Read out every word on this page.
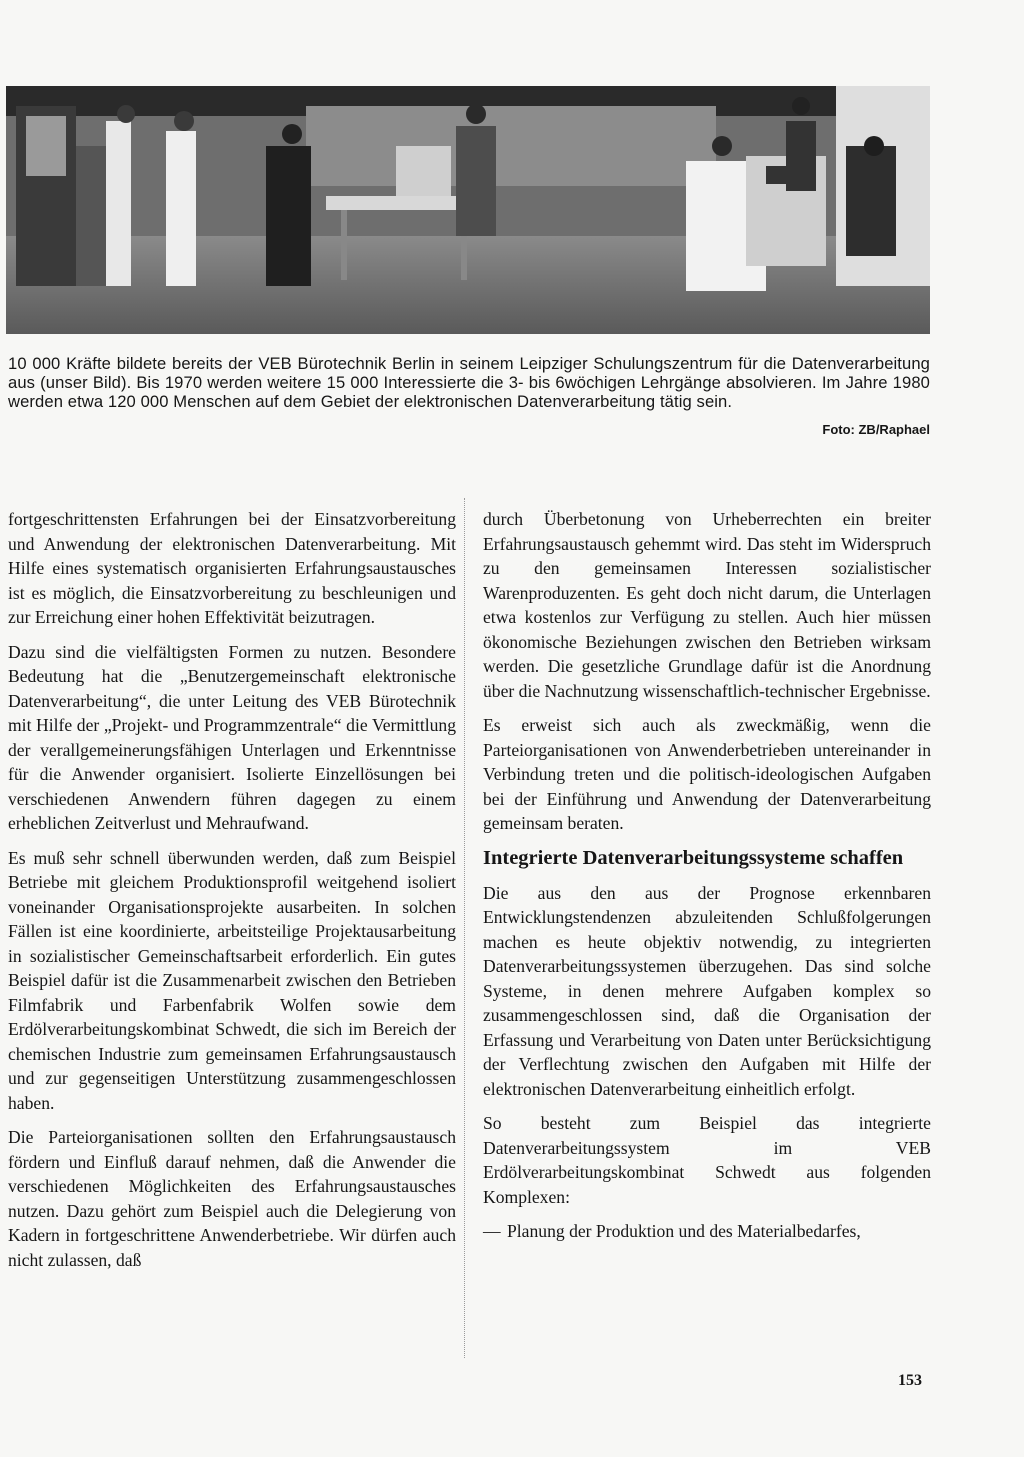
10 000 Kräfte bildete bereits der VEB Bürotechnik Berlin in seinem Leipziger Schulungszentrum für die Datenverarbeitung aus (unser Bild). Bis 1970 werden weitere 15 000 Interessierte die 3- bis 6wöchigen Lehrgänge absolvieren. Im Jahre 1980 werden etwa 120 000 Menschen auf dem Gebiet der elektronischen Datenverarbeitung tätig sein.

Foto: ZB/Raphael

fortgeschrittensten Erfahrungen bei der Einsatzvorbereitung und Anwendung der elektronischen Datenverarbeitung. Mit Hilfe eines systematisch organisierten Erfahrungsaustausches ist es möglich, die Einsatzvorbereitung zu beschleunigen und zur Erreichung einer hohen Effektivität beizutragen.

Dazu sind die vielfältigsten Formen zu nutzen. Besondere Bedeutung hat die „Benutzergemeinschaft elektronische Datenverarbeitung“, die unter Leitung des VEB Bürotechnik mit Hilfe der „Projekt- und Programmzentrale“ die Vermittlung der verallgemeinerungsfähigen Unterlagen und Erkenntnisse für die Anwender organisiert. Isolierte Einzellösungen bei verschiedenen Anwendern führen dagegen zu einem erheblichen Zeitverlust und Mehraufwand.

Es muß sehr schnell überwunden werden, daß zum Beispiel Betriebe mit gleichem Produktionsprofil weitgehend isoliert voneinander Organisationsprojekte ausarbeiten. In solchen Fällen ist eine koordinierte, arbeitsteilige Projektausarbeitung in sozialistischer Gemeinschaftsarbeit erforderlich. Ein gutes Beispiel dafür ist die Zusammenarbeit zwischen den Betrieben Filmfabrik und Farbenfabrik Wolfen sowie dem Erdölverarbeitungskombinat Schwedt, die sich im Bereich der chemischen Industrie zum gemeinsamen Erfahrungsaustausch und zur gegenseitigen Unterstützung zusammengeschlossen haben.

Die Parteiorganisationen sollten den Erfahrungsaustausch fördern und Einfluß darauf nehmen, daß die Anwender die verschiedenen Möglichkeiten des Erfahrungsaustausches nutzen. Dazu gehört zum Beispiel auch die Delegierung von Kadern in fortgeschrittene Anwenderbetriebe. Wir dürfen auch nicht zulassen, daß

durch Überbetonung von Urheberrechten ein breiter Erfahrungsaustausch gehemmt wird. Das steht im Widerspruch zu den gemeinsamen Interessen sozialistischer Warenproduzenten. Es geht doch nicht darum, die Unterlagen etwa kostenlos zur Verfügung zu stellen. Auch hier müssen ökonomische Beziehungen zwischen den Betrieben wirksam werden. Die gesetzliche Grundlage dafür ist die Anordnung über die Nachnutzung wissenschaftlich-technischer Ergebnisse.

Es erweist sich auch als zweckmäßig, wenn die Parteiorganisationen von Anwenderbetrieben untereinander in Verbindung treten und die politisch-ideologischen Aufgaben bei der Einführung und Anwendung der Datenverarbeitung gemeinsam beraten.

Integrierte Datenverarbeitungssysteme schaffen

Die aus den aus der Prognose erkennbaren Entwicklungstendenzen abzuleitenden Schlußfolgerungen machen es heute objektiv notwendig, zu integrierten Datenverarbeitungssystemen überzugehen. Das sind solche Systeme, in denen mehrere Aufgaben komplex so zusammengeschlossen sind, daß die Organisation der Erfassung und Verarbeitung von Daten unter Berücksichtigung der Verflechtung zwischen den Aufgaben mit Hilfe der elektronischen Datenverarbeitung einheitlich erfolgt.

So besteht zum Beispiel das integrierte Datenverarbeitungssystem im VEB Erdölverarbeitungskombinat Schwedt aus folgenden Komplexen:

— Planung der Produktion und des Materialbedarfes,
153
